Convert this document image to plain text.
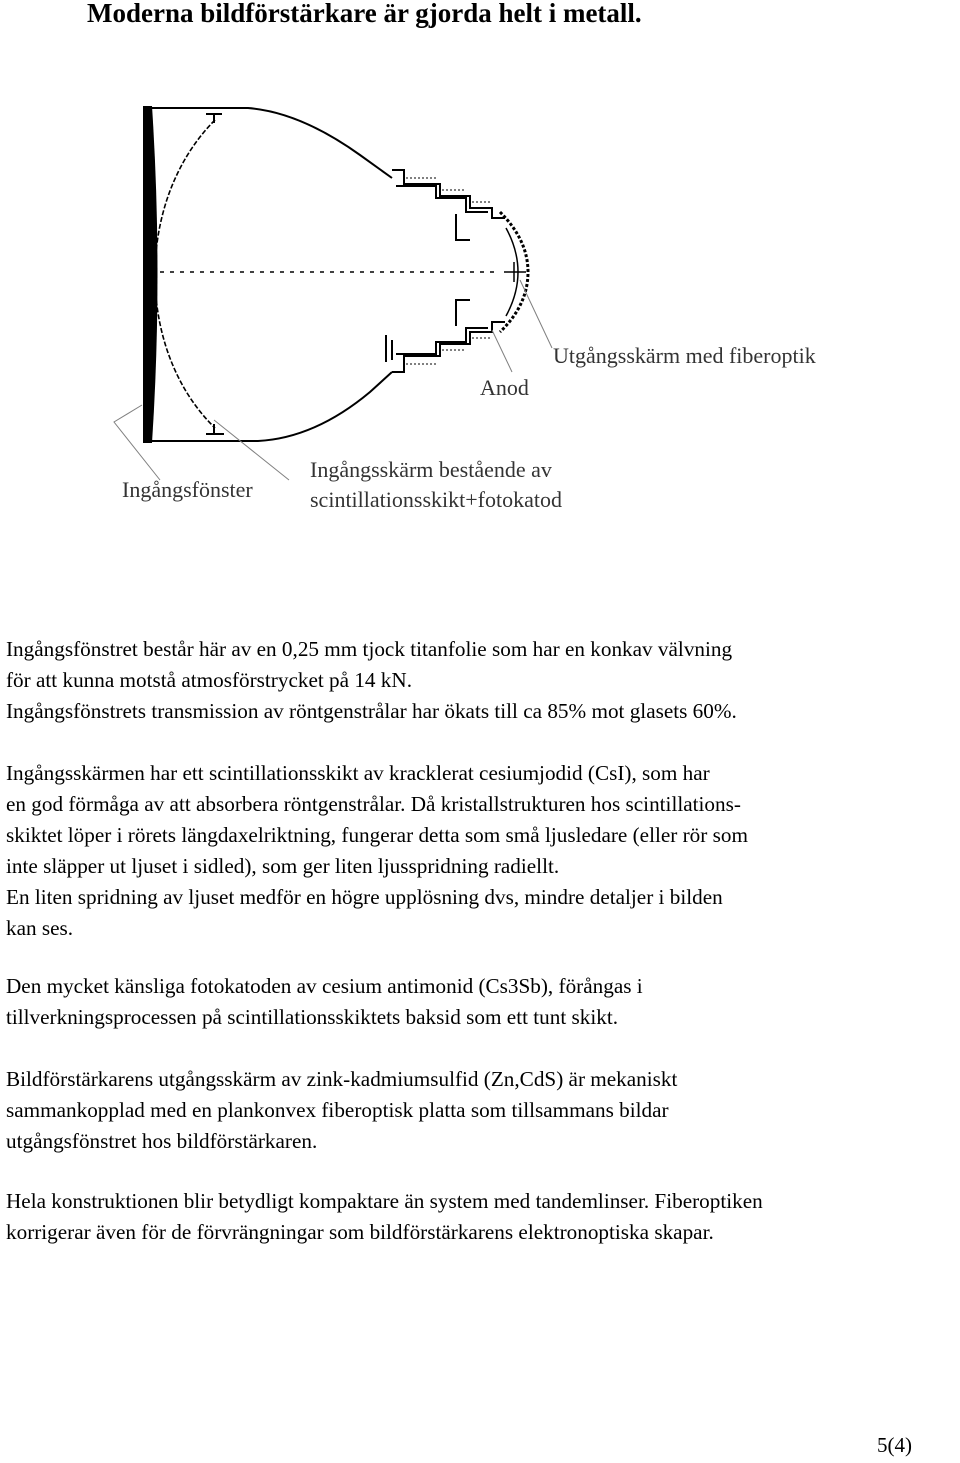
Moderna bildförstärkare är gjorda helt i metall.
Utgångsskärm med fiberoptik
Anod
Ingångsfönster
Ingångsskärm bestående av
scintillationsskikt+fotokatod
Ingångsfönstret består här av en 0,25 mm tjock titanfolie som har en konkav välvning
för att kunna motstå atmosförstrycket på 14 kN.
Ingångsfönstrets transmission av röntgenstrålar har ökats till ca 85% mot glasets 60%.
Ingångsskärmen har ett scintillationsskikt av kracklerat cesiumjodid (CsI), som har
en god förmåga av att absorbera röntgenstrålar. Då kristallstrukturen hos scintillations-
skiktet löper i rörets längdaxelriktning, fungerar detta som små ljusledare (eller rör som
inte släpper ut ljuset i sidled), som ger liten ljusspridning radiellt.
En liten spridning av ljuset medför en högre upplösning dvs, mindre detaljer i bilden
kan ses.
Den mycket känsliga fotokatoden av cesium antimonid (Cs3Sb), förångas i
tillverkningsprocessen på scintillationsskiktets baksid som ett tunt skikt.
Bildförstärkarens utgångsskärm av zink-kadmiumsulfid (Zn,CdS) är mekaniskt
sammankopplad med en plankonvex fiberoptisk platta som tillsammans bildar
utgångsfönstret hos bildförstärkaren.
Hela konstruktionen blir betydligt kompaktare än system med tandemlinser. Fiberoptiken
korrigerar även för de förvrängningar som bildförstärkarens elektronoptiska skapar.
5(4)
